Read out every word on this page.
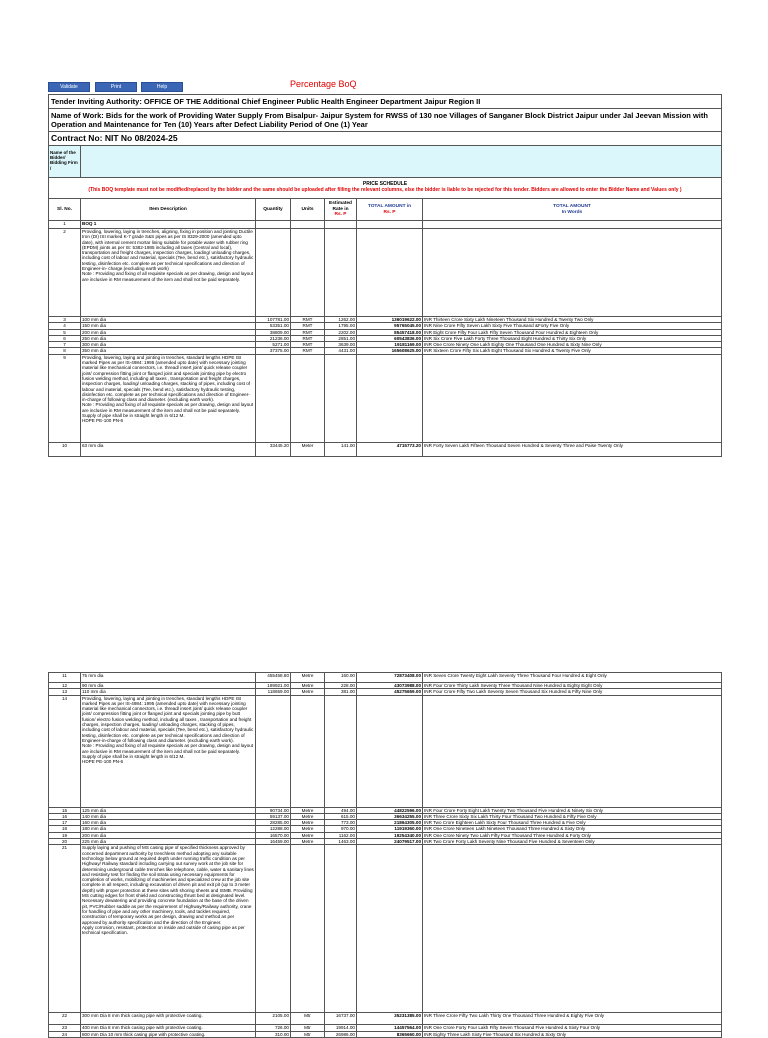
Validate	Print	Help	Percentage BoQ
Tender Inviting Authority: OFFICE OF THE Additional Chief Engineer Public Health Engineer Department Jaipur Region II						
Name of Work: Bids for the work of Providing Water Supply From Bisalpur- Jaipur System for RWSS of 130 noe Villages of Sanganer Block District Jaipur under Jal Jeevan Mission with Operation and Maintenance for Ten (10) Years after Defect Liability Period of One (1) Year						
Contract No: NIT No 08/2024-25						
Name of the Bidder/ Bidding Firm /						

PRICE SCHEDULE
(This BOQ template must not be modified/replaced by the bidder and the same should be uploaded after filling the relevant columns, else the bidder is liable to be rejected for this tender. Bidders are allowed to enter the Bidder Name and Values only )						

Sl. No.	Item Description	Quantity	Units	Estimated Rate in
Rs. P	TOTAL AMOUNT in
Rs. P	TOTAL AMOUNT
In Words
1	BOQ 1					
2	Providing, lowering, laying in trenches, aligning, fixing in position and jointing Ductile Iron (DI) ISI marked K-7 grade S&S pipes as per IS 8329-2000 (amended upto date), with internal cement mortar lining suitable for potable water with rubber ring (EPDM) joints as per IS: 5382-1985 including all taxes (Central and local), transportation and freight charges, inspection charges, loading/ unloading charges, including cost of labour and material, specials (Tee, bend etc.), satisfactory hydraulic testing, disinfection etc. complete as per technical specifications and direction of Engineer-in- charge.(excluding earth work)
Note : Providing and fixing of all requisite specials as per drawing, design and layout are inclusive in RM measurement of the item and shall not be paid separately.					
3	100 mm dia	107781.00	RMT	1262.00	136019622.00	INR Thirteen Crore Sixty Lakh Nineteen Thousand Six Hundred & Twenty Two Only
4	150 mm dia	53351.00	RMT	1795.00	95765045.00	INR Nine Crore Fifty Seven Lakh Sixty Five Thousand &Forty Five Only
5	200 mm dia	38809.00	RMT	2202.00	85457418.00	INR Eight Crore Fifty Four Lakh Fifty Seven Thousand Four Hundred & Eighteen Only
6	250 mm dia	21236.00	RMT	2851.00	60543836.00	INR Six Crore Five Lakh Forty Three Thousand Eight Hundred & Thirty Six Only
7	300 mm dia	5271.00	RMT	3639.00	19181169.00	INR One Crore Ninety One Lakh Eighty One Thousand One Hundred & Sixty Nine Only
8	350 mm dia	37375.00	RMT	4431.00	165608625.00	INR Sixteen Crore Fifty Six Lakh Eight Thousand Six Hundred & Twenty Five Only
9	Providing, lowering, laying and jointing in trenches, standard lengths HDPE ISI marked Pipes as per IS-4984: 1995 (amended upto date) with necessary jointing material like mechanical connectors, i.e. thread/ insert joint/ quick release coupler joint/ compression fitting joint or flanged joint and specials jointing pipe by electro fusion welding method, including all taxes , transportation and freight charges, inspection charges, loading/ unloading charges, stacking of pipes, including cost of labour and material, specials (Tee, bend etc.), satisfactory hydraulic testing, disinfection etc. complete as per technical specifications and direction of Engineer-in-charge of following class and diameter. (excluding earth work).
Note : Providing and fixing of all requisite specials as per drawing, design and layout are inclusive in RM measurement of the item and shall not be paid separately.
Supply of pipe shall be in straight length in 6/12 M.
HDPE PE-100 PN-6					
10	63 mm dia	33445.20	Meter	141.00	4715773.20	INR Forty Seven Lakh Fifteen Thousand Seven Hundred & Seventy Three and Paise Twenty Only
11	75 mm dia	455458.80	Metre	160.00	72873408.00	INR Seven Crore Twenty Eight Lakh Seventy Three Thousand Four Hundred & Eight Only
12	90 mm dia	189921.00	Metre	228.00	43073988.00	INR Four Crore Thirty Lakh Seventy Three Thousand Nine Hundred & Eighty Eight Only
13	110 mm dia	118659.00	Metre	381.00	45275659.00	INR Four Crore Fifty Two Lakh Seventy Seven Thousand Six Hundred & Fifty Nine Only
14	Providing, lowering, laying and jointing in trenches, standard lengths HDPE ISI marked Pipes as per IS-4984: 1995 (amended upto date) with necessary jointing material like mechanical connectors, i.e. thread/ insert joint/ quick release coupler joint/ compression fitting joint or flanged joint and specials jointing pipe by butt fusion/ electro fusion welding method, including all taxes , transportation and freight charges, inspection charges, loading/ unloading charges, stacking of pipes, including cost of labour and material, specials (Tee, bend etc.), satisfactory hydraulic testing, disinfection etc. complete as per technical specifications and direction of Engineer-in-charge of following class and diameter. (excluding earth work).
Note : Providing and fixing of all requisite specials as per drawing, design and layout are inclusive in RM measurement of the item and shall not be paid separately.
Supply of pipe shall be in straight length in 6/12 M.
HDPE PE-100 PN-6					
15	125 mm dia	90734.00	Metre	494.00	44822596.00	INR Four Crore Forty Eight Lakh Twenty Two Thousand Five Hundred & Ninety Six Only
16	140 mm dia	59137.00	Metre	615.00	36634255.00	INR Three Crore Sixty Six Lakh Thirty Four Thousand Two Hundred & Fifty Five Only
17	160 mm dia	28285.00	Metre	773.00	21864305.00	INR Two Crore Eighteen Lakh Sixty Four Thousand Three Hundred & Five Only
18	180 mm dia	12288.00	Metre	970.00	11919360.00	INR One Crore Nineteen Lakh Nineteen Thousand Three Hundred & Sixty Only
19	200 mm dia	16570.00	Metre	1162.00	19254340.00	INR One Crore Ninety Two Lakh Fifty Four Thousand Three Hundred & Forty Only
20	225 mm dia	16459.00	Metre	1463.00	24079517.00	INR Two Crore Forty Lakh Seventy Nine Thousand Five Hundred & Seventeen Only
21	Supply laying and pushing of MS casing pipe of specified thickness approved by concerned department authority by trenchless method adopting any suitable technology below ground at required depth under running traffic condition as per Highway/ Railway standard including carrying out survey work at the job site for determining underground cable trenches like telephone, cable, water & sanitary lines and resistivity test for finding the soil strata using necessary equipments for completion of works, mobilizing of machineries and specialized crew at the job site complete in all respect, including excavation of driven pit and exit pit (up to 3 meter depth) with proper protection at these sites with shoring sheets and ISMB. Providing MS cutting edges for front shield and constructing thrust bed at designated level. Necessary dewatering and providing concrete foundation at the base of the driven pit, PVC/Rubber saddle as per the requirement of Highway/Railway authority, crane for handling of pipe and any other machinery, tools, and tackles required, construction of temporary works as per design, drawing and method as per approved by authority specification and the direction of the Engineer.
Apply corrosion, resistant, protection on inside and outside of casing pipe as per technical specification.					
22	300 mm Dia 8 mm thick casing pipe with protective coating.	2105.00	Mtr	16737.00	35231385.00	INR Three Crore Fifty Two Lakh Thirty One Thousand Three Hundred & Eighty Five Only
23	400 mm Dia 8 mm thick casing pipe with protective coating.	726.00	Mtr	19914.00	14457564.00	INR One Crore Forty Four Lakh Fifty Seven Thousand Five Hundred & Sixty Four Only
24	800 mm Dia 10 mm thick casing pipe with protective coating.	310.00	Mtr	26986.00	8365660.00	INR Eighty Three Lakh Sixty Five Thousand Six Hundred & Sixty Only
